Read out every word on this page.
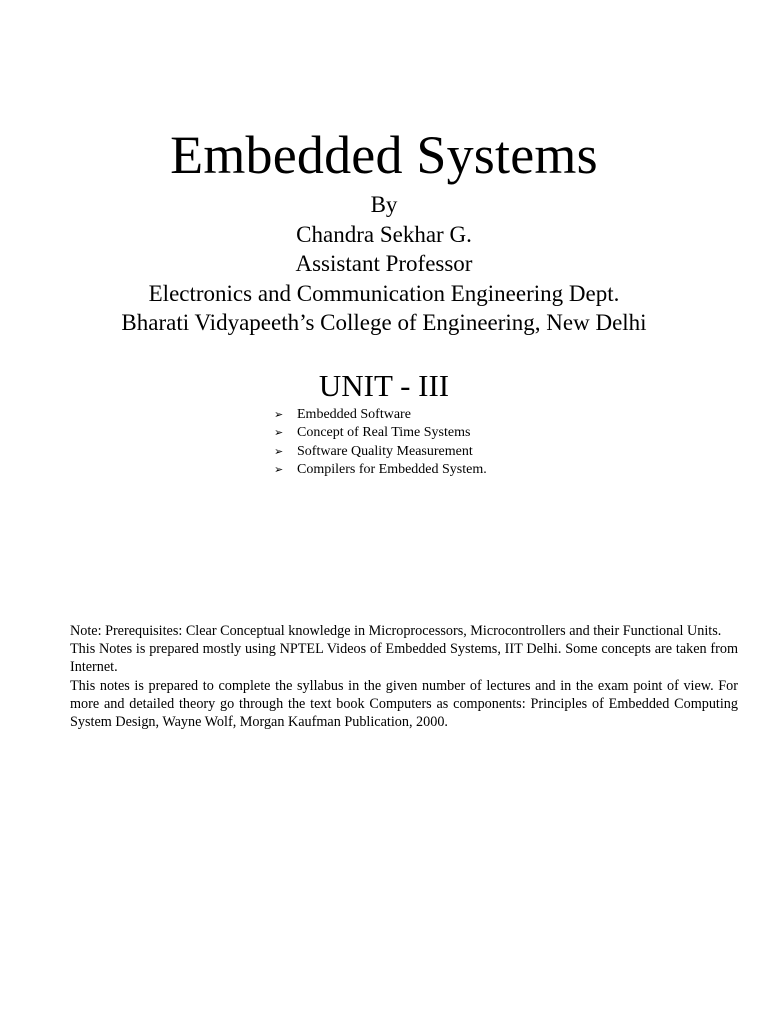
Embedded Systems
By
Chandra Sekhar G.
Assistant Professor
Electronics and Communication Engineering Dept.
Bharati Vidyapeeth’s College of Engineering, New Delhi
UNIT - III
➢ Embedded Software
➢ Concept of Real Time Systems
➢ Software Quality Measurement
➢ Compilers for Embedded System.

Note: Prerequisites: Clear Conceptual knowledge in Microprocessors, Microcontrollers and their Functional Units.

This Notes is prepared mostly using NPTEL Videos of Embedded Systems, IIT Delhi. Some concepts are taken from Internet.

This notes is prepared to complete the syllabus in the given number of lectures and in the exam point of view. For more and detailed theory go through the text book Computers as components: Principles of Embedded Computing System Design, Wayne Wolf, Morgan Kaufman Publication, 2000.
